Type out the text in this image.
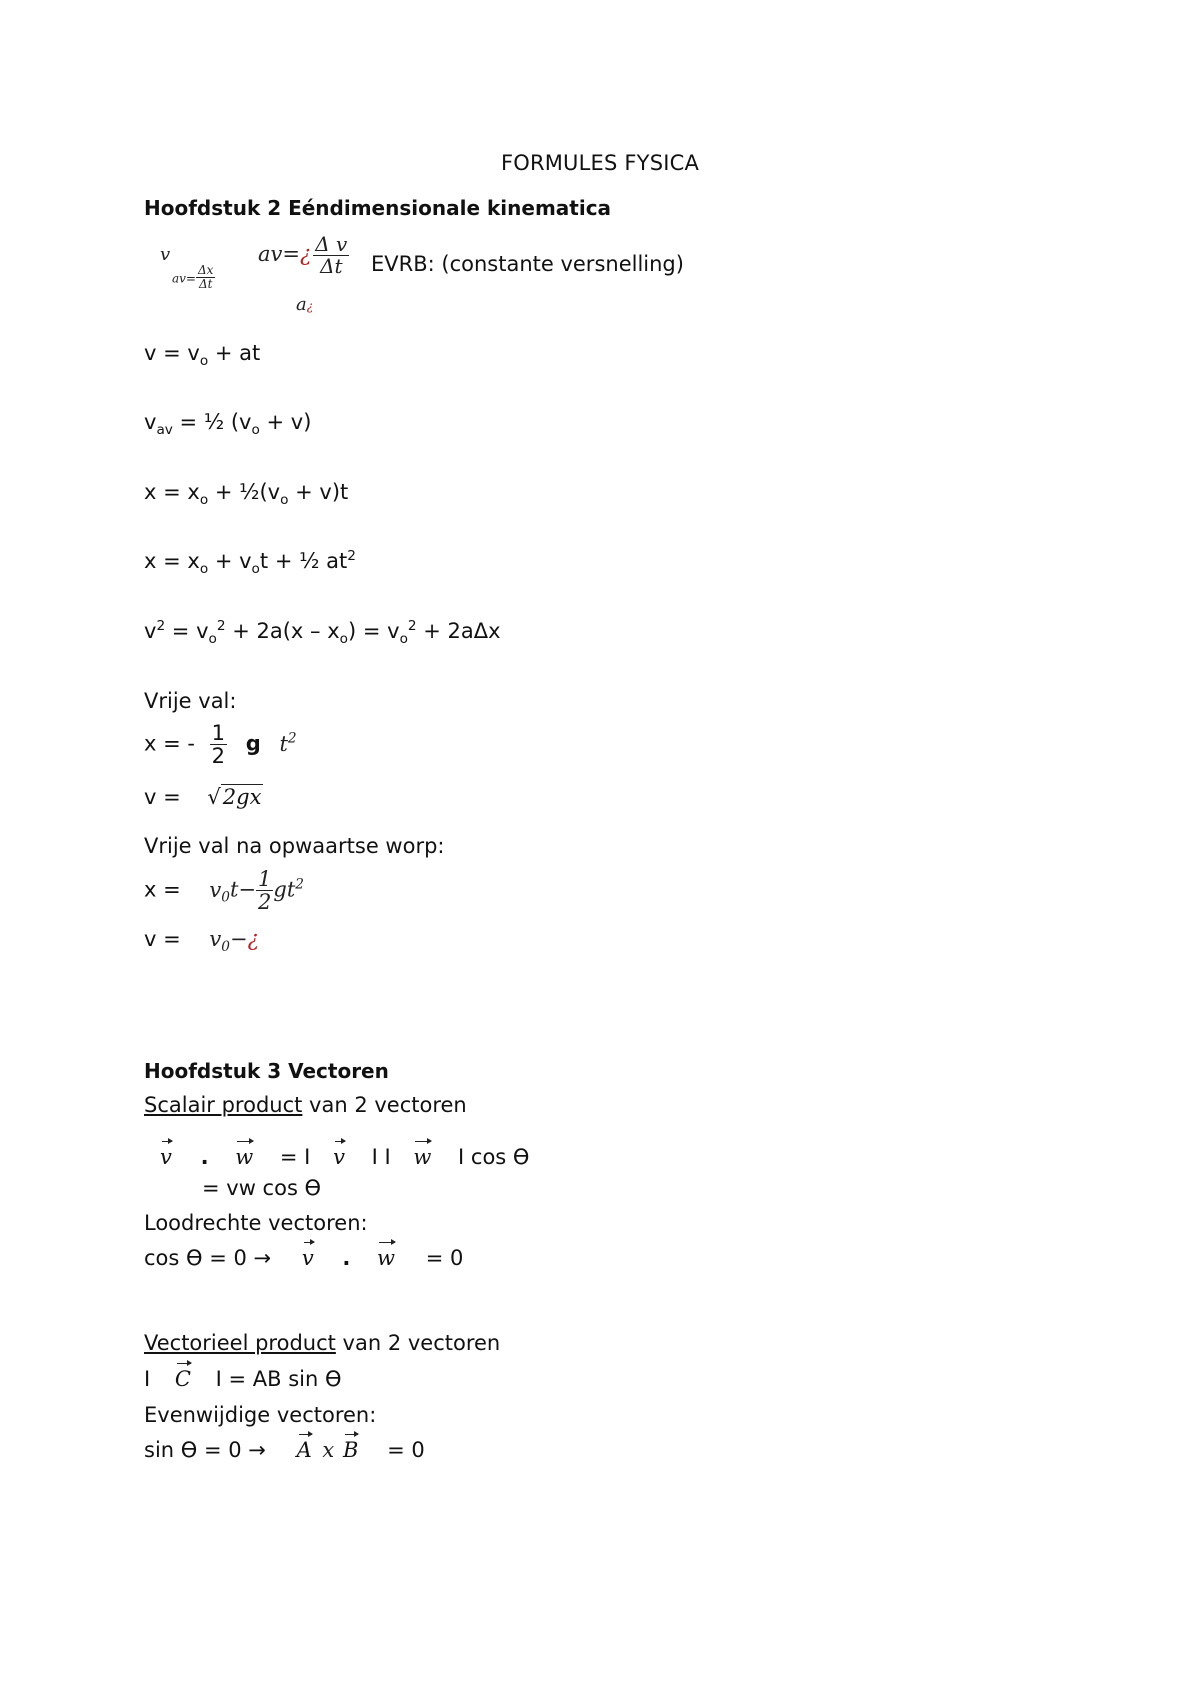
FORMULES FYSICA
Hoofdstuk 2 Eéndimensionale kinematica
v
$av= \frac{\Delta x}{\Delta t}$
av=¿ $\frac{\text{Δ v}}{\Delta t}$
a¿
EVRB: (constante versnelling)
$v = v_o$ + at
$v_{av}$ = ½ $(v_o + v)$
$x = x_o$ + $\frac{1}{2}(v_o + v)t$
$x = x_o + v_ot$ + ½ $at^2$
$v^2 = v_o^2 + 2a(x - x_o) = v_o^2 + 2a\Delta x$
Vrije val:
x = - $\frac{1}{2}$ g $t^2$
v = √2gx
Vrije val na opwaartse worp:
$x = v_0t- \frac{1}{2} gt^2$
$v = v_0-¿$
Hoofdstuk 3 Vectoren
Scalair product van 2 vectoren
v . w = I v I I w I cos ϴ
= vw cos ϴ
Loodrechte vectoren:
cos ϴ = 0 → v . w = 0
Vectorieel product van 2 vectoren
I C I = AB sin ϴ
Evenwijdige vectoren:
sin ϴ = 0 → A x B = 0
